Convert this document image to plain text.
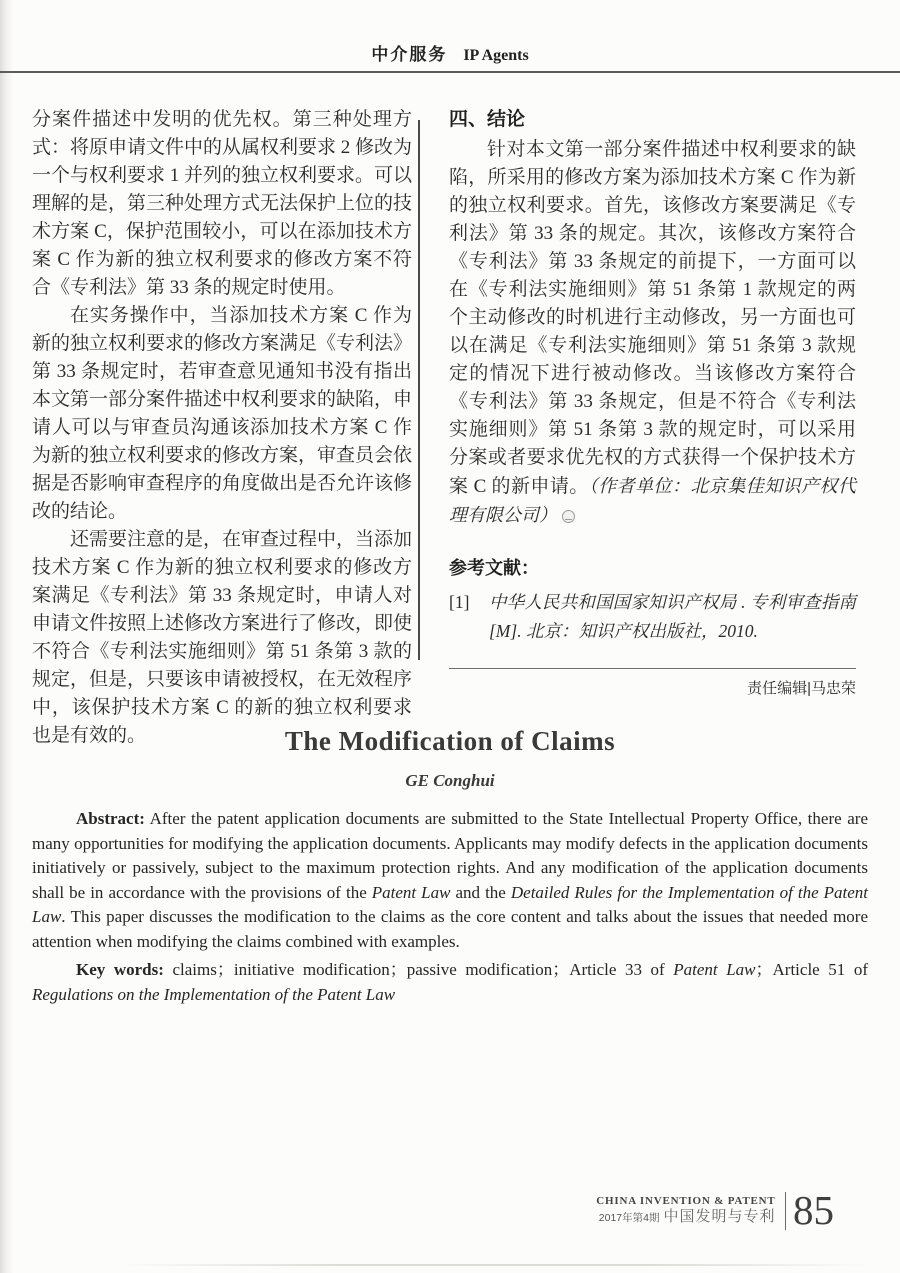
中介服务 IP Agents

分案件描述中发明的优先权。第三种处理方式：将原申请文件中的从属权利要求 2 修改为一个与权利要求 1 并列的独立权利要求。可以理解的是，第三种处理方式无法保护上位的技术方案 C，保护范围较小，可以在添加技术方案 C 作为新的独立权利要求的修改方案不符合《专利法》第 33 条的规定时使用。

在实务操作中，当添加技术方案 C 作为新的独立权利要求的修改方案满足《专利法》第 33 条规定时，若审查意见通知书没有指出本文第一部分案件描述中权利要求的缺陷，申请人可以与审查员沟通该添加技术方案 C 作为新的独立权利要求的修改方案，审查员会依据是否影响审查程序的角度做出是否允许该修改的结论。

还需要注意的是，在审查过程中，当添加技术方案 C 作为新的独立权利要求的修改方案满足《专利法》第 33 条规定时，申请人对申请文件按照上述修改方案进行了修改，即使不符合《专利法实施细则》第 51 条第 3 款的规定，但是，只要该申请被授权，在无效程序中，该保护技术方案 C 的新的独立权利要求也是有效的。

四、结论

针对本文第一部分案件描述中权利要求的缺陷，所采用的修改方案为添加技术方案 C 作为新的独立权利要求。首先，该修改方案要满足《专利法》第 33 条的规定。其次，该修改方案符合《专利法》第 33 条规定的前提下，一方面可以在《专利法实施细则》第 51 条第 1 款规定的两个主动修改的时机进行主动修改，另一方面也可以在满足《专利法实施细则》第 51 条第 3 款规定的情况下进行被动修改。当该修改方案符合《专利法》第 33 条规定，但是不符合《专利法实施细则》第 51 条第 3 款的规定时，可以采用分案或者要求优先权的方式获得一个保护技术方案 C 的新申请。（作者单位：北京集佳知识产权代理有限公司）

参考文献：
[1]	中华人民共和国国家知识产权局 . 专利审查指南 [M]. 北京：知识产权出版社，2010.
责任编辑|马忠荣
The Modification of Claims
GE Conghui

Abstract: After the patent application documents are submitted to the State Intellectual Property Office, there are many opportunities for modifying the application documents. Applicants may modify defects in the application documents initiatively or passively, subject to the maximum protection rights. And any modification of the application documents shall be in accordance with the provisions of the Patent Law and the Detailed Rules for the Implementation of the Patent Law. This paper discusses the modification to the claims as the core content and talks about the issues that needed more attention when modifying the claims combined with examples.

Key words: claims；initiative modification；passive modification；Article 33 of Patent Law；Article 51 of Regulations on the Implementation of the Patent Law

CHINA INVENTION & PATENT
2017年第4期 中国发明与专利 85
